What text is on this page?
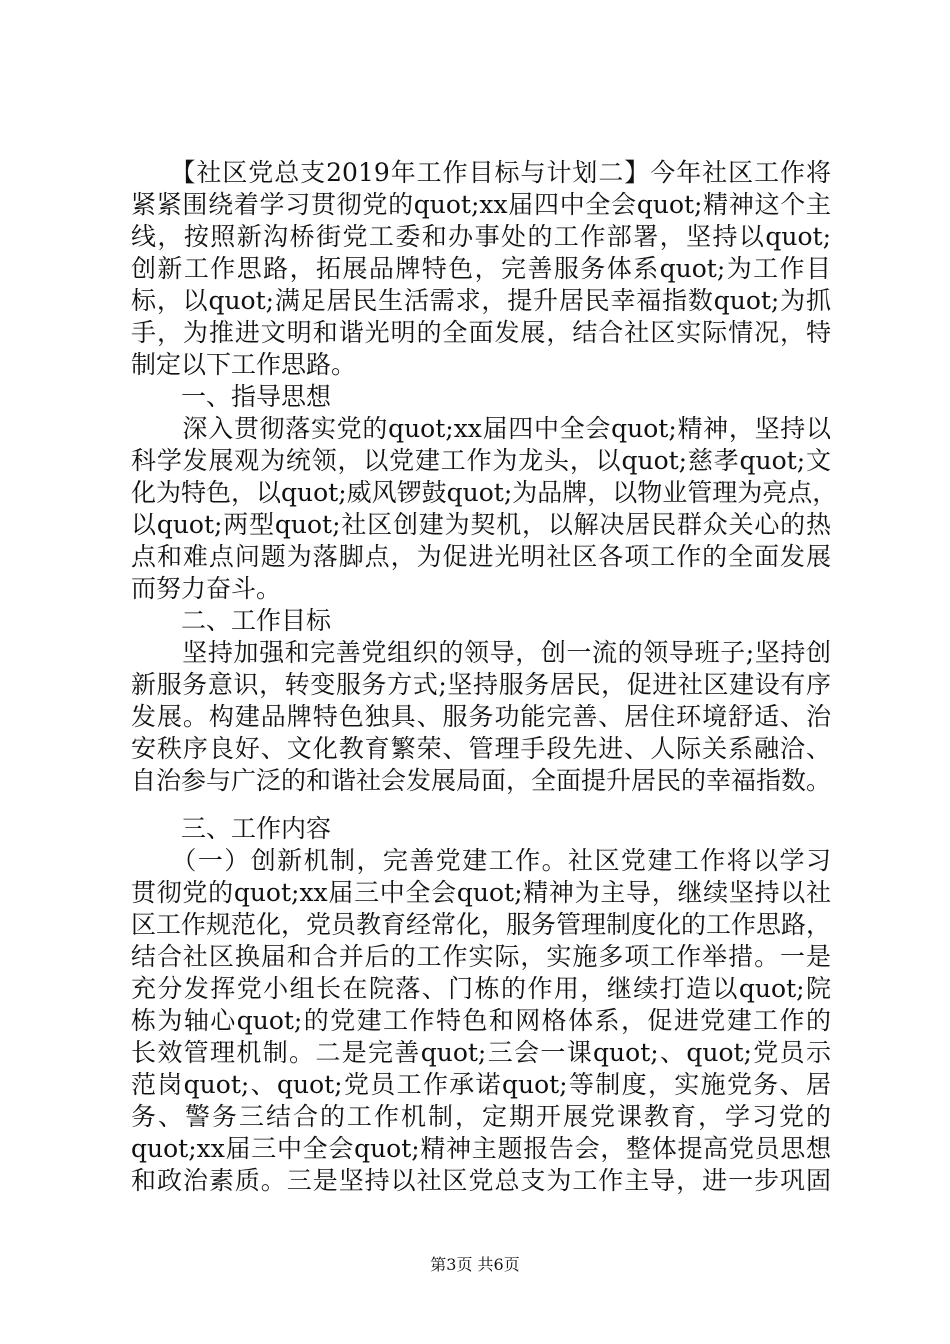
　　【社区党总支2019年工作目标与计划二】今年社区工作将
紧紧围绕着学习贯彻党的quot;xx届四中全会quot;精神这个主
线，按照新沟桥街党工委和办事处的工作部署，坚持以quot;
创新工作思路，拓展品牌特色，完善服务体系quot;为工作目
标，以quot;满足居民生活需求，提升居民幸福指数quot;为抓
手，为推进文明和谐光明的全面发展，结合社区实际情况，特
制定以下工作思路。
　　一、指导思想
　　深入贯彻落实党的quot;xx届四中全会quot;精神，坚持以
科学发展观为统领，以党建工作为龙头，以quot;慈孝quot;文
化为特色，以quot;威风锣鼓quot;为品牌，以物业管理为亮点，
以quot;两型quot;社区创建为契机，以解决居民群众关心的热
点和难点问题为落脚点，为促进光明社区各项工作的全面发展
而努力奋斗。
　　二、工作目标
　　坚持加强和完善党组织的领导，创一流的领导班子;坚持创
新服务意识，转变服务方式;坚持服务居民，促进社区建设有序
发展。构建品牌特色独具、服务功能完善、居住环境舒适、治
安秩序良好、文化教育繁荣、管理手段先进、人际关系融洽、
自治参与广泛的和谐社会发展局面，全面提升居民的幸福指数。
　　三、工作内容
　　（一）创新机制，完善党建工作。社区党建工作将以学习
贯彻党的quot;xx届三中全会quot;精神为主导，继续坚持以社
区工作规范化，党员教育经常化，服务管理制度化的工作思路，
结合社区换届和合并后的工作实际，实施多项工作举措。一是
充分发挥党小组长在院落、门栋的作用，继续打造以quot;院
栋为轴心quot;的党建工作特色和网格体系，促进党建工作的
长效管理机制。二是完善quot;三会一课quot;、quot;党员示
范岗quot;、quot;党员工作承诺quot;等制度，实施党务、居
务、警务三结合的工作机制，定期开展党课教育，学习党的
quot;xx届三中全会quot;精神主题报告会，整体提高党员思想
和政治素质。三是坚持以社区党总支为工作主导，进一步巩固
第3页 共6页
